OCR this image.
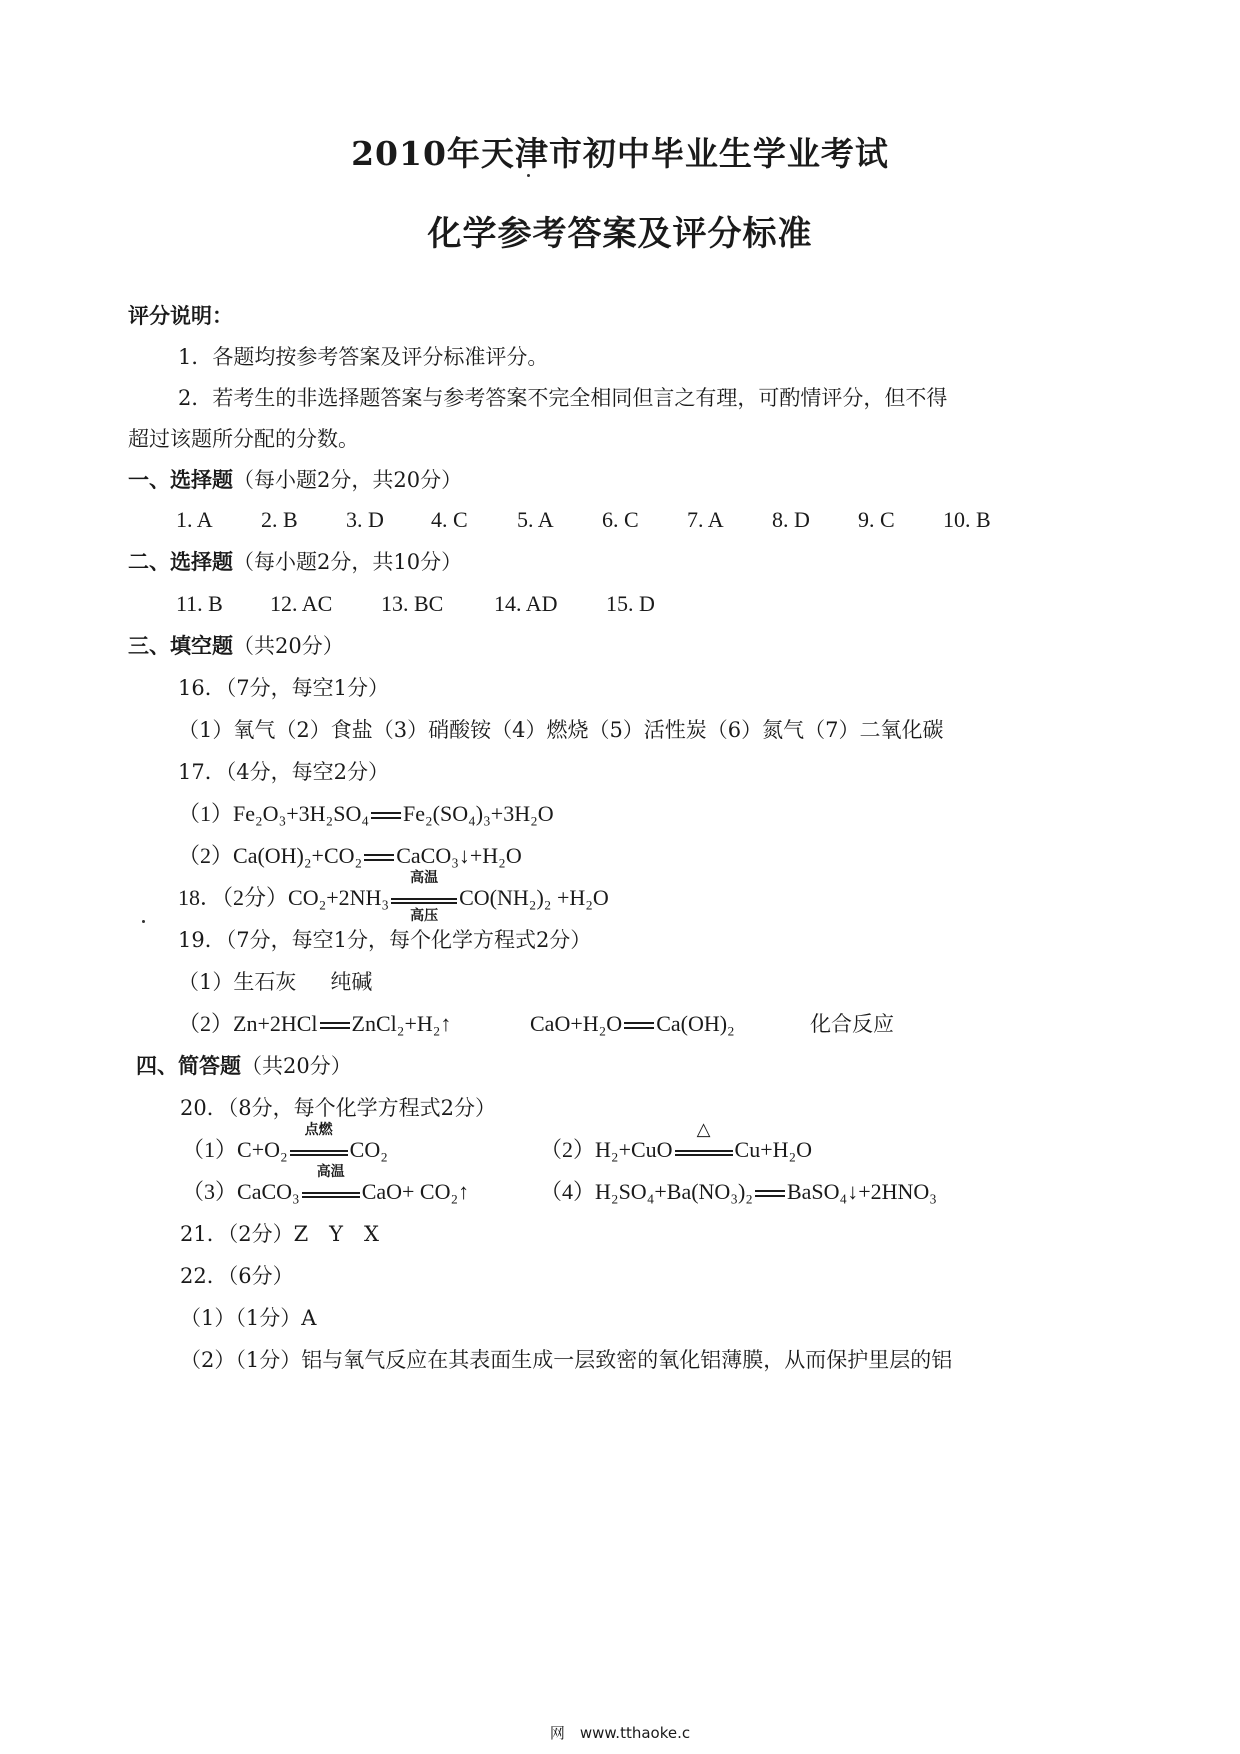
2010年天津市初中毕业生学业考试
化学参考答案及评分标准
评分说明：
1．各题均按参考答案及评分标准评分。
2．若考生的非选择题答案与参考答案不完全相同但言之有理，可酌情评分，但不得
超过该题所分配的分数。
一、选择题（每小题2分，共20分）
1. A 2. B 3. D 4. C 5. A 6. C 7. A 8. D 9. C 10. B
二、选择题（每小题2分，共10分）
11. B 12. AC 13. BC 14. AD 15. D
三、填空题（共20分）
16．（7分，每空1分）
（1）氧气（2）食盐（3）硝酸铵（4）燃烧（5）活性炭（6）氮气（7）二氧化碳
17．（4分，每空2分）
（1）Fe₂O₃+3H₂SO₄ Fe₂(SO₄)₃+3H₂O
（2）Ca(OH)₂+CO₂ CaCO₃↓+H₂O
18．（2分）CO₂+2NH₃
高温
高压
CO(NH₂)₂ +H₂O
19．（7分，每空1分，每个化学方程式2分）
（1）生石灰 纯碱
（2）Zn+2HCl ZnCl₂+H₂↑	CaO+H₂O Ca(OH)₂	化合反应
四、简答题（共20分）
20．（8分，每个化学方程式2分）
（1）C+O₂
点燃
CO₂	（2）H₂+CuO
△
Cu+H₂O
（3）CaCO₃
高温
CaO+ CO₂↑	（4）H₂SO₄+Ba(NO₃)₂ BaSO₄↓+2HNO₃
21．（2分）Z　Y　X
22．（6分）
（1）（1分）A
（2）（1分）铝与氧气反应在其表面生成一层致密的氧化铝薄膜，从而保护里层的铝
网　www.tthaoke.c
